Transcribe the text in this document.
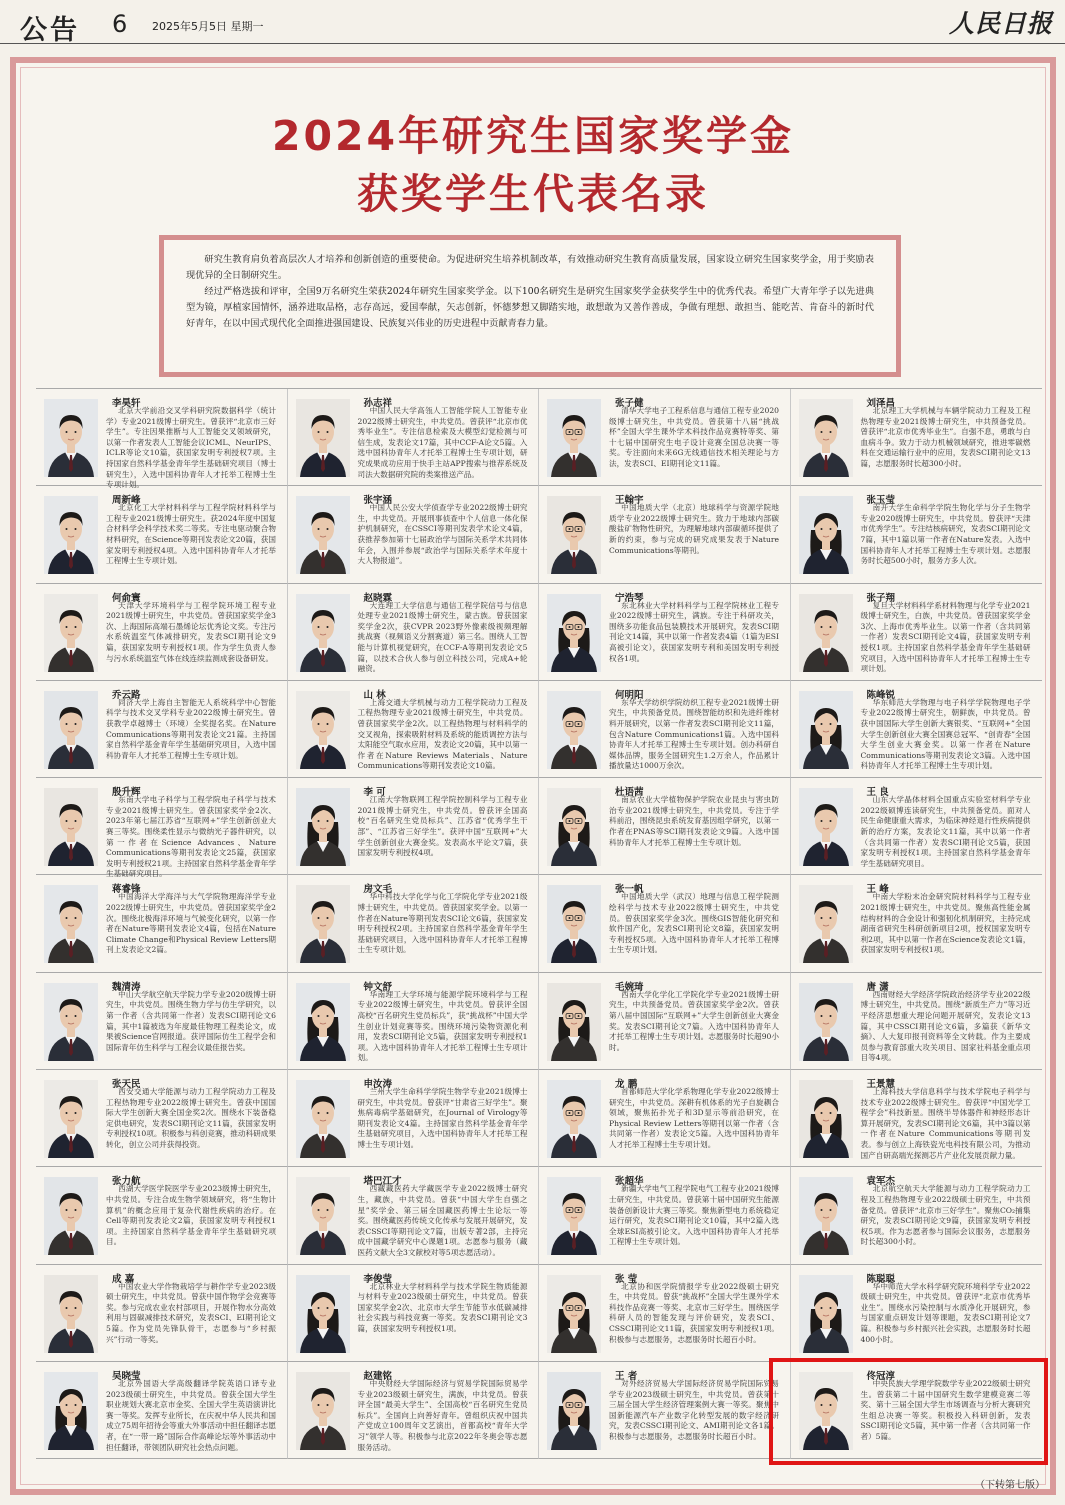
公告 6 2025年5月5日 星期一	人民日报
2024年研究生国家奖学金
获奖学生代表名录

研究生教育肩负着高层次人才培养和创新创造的重要使命。为促进研究生培养机制改革，有效推动研究生教育高质量发展，国家设立研究生国家奖学金，用于奖励表现优异的全日制研究生。

经过严格选拔和评审，全国9万名研究生荣获2024年研究生国家奖学金。以下100名研究生是研究生国家奖学金获奖学生中的优秀代表。希望广大青年学子以先进典型为镜，厚植家国情怀，涵养进取品格，志存高远，爱国奉献，矢志创新，怀德梦想又脚踏实地，敢想敢为又善作善成，争做有理想、敢担当、能吃苦、肯奋斗的新时代好青年，在以中国式现代化全面推进强国建设、民族复兴伟业的历史进程中贡献青春力量。

李昊轩
北京大学前沿交叉学科研究院数据科学（统计学）专业2021级博士研究生。曾获评“北京市三好学生”。专注因果推断与人工智能交叉领域研究，以第一作者发表人工智能会议ICML、NeurIPS、ICLR等论文10篇，获国家发明专利授权7项。主持国家自然科学基金青年学生基础研究项目（博士研究生），入选中国科协青年人才托举工程博士生专项计划。
孙志祥
中国人民大学高瓴人工智能学院人工智能专业2022级博士研究生，中共党员。曾获评“北京市优秀毕业生”。专注信息检索及大模型幻觉检测与可信生成，发表论文17篇，其中CCF-A论文5篇。入选中国科协青年人才托举工程博士生专项计划，研究成果成功应用于快手主站APP搜索与推荐系统及司法大数据研究院的类案推送产品。
张子健
清华大学电子工程系信息与通信工程专业2020级博士研究生，中共党员。曾获第十八届“挑战杯”全国大学生课外学术科技作品竞赛特等奖、第十七届中国研究生电子设计竞赛全国总决赛一等奖。专注面向未来6G无线通信技术相关理论与方法，发表SCI、EI期刊论文11篇。
刘泽昌
北京理工大学机械与车辆学院动力工程及工程热物理专业2021级博士研究生，中共预备党员。曾获评“北京市优秀毕业生”。自强不息，勇敢与白血病斗争。致力于动力机械领域研究，推进零碳燃料在交通运输行业中的应用，发表SCI期刊论文13篇，志愿服务时长超300小时。
周新峰
北京化工大学材料科学与工程学院材料科学与工程专业2021级博士研究生。获2024年度中国复合材料学会科学技术奖二等奖。专注电驱动聚合物材料研究，在Science等期刊发表论文20篇，获国家发明专利授权4项。入选中国科协青年人才托举工程博士生专项计划。
张宇涵
中国人民公安大学侦查学专业2022级博士研究生，中共党员。开展刑事侦查中个人信息一体化保护机制研究，在CSSCI等期刊发表学术论文4篇，获推荐参加第十七届政治学与国际关系学术共同体年会，入围并参展“政治学与国际关系学术年度十大人物报道”。
王翰宇
中国地质大学（北京）地球科学与资源学院地质学专业2022级博士研究生。致力于地球内部碳酸盐矿物物性研究，为理解地球内部碳循环提供了新的约束，参与完成的研究成果发表于Nature Communications等期刊。
张玉莹
南开大学生命科学学院生物化学与分子生物学专业2020级博士研究生，中共党员。曾获评“天津市优秀学生”。专注结核病研究，发表SCI期刊论文7篇，其中1篇以第一作者在Nature发表。入选中国科协青年人才托举工程博士生专项计划。志愿服务时长超500小时，服务方多人次。
何俞寰
天津大学环境科学与工程学院环境工程专业2021级博士研究生，中共党员。曾获国家奖学金3次、上海国际高端石墨烯论坛优秀论文奖。专注污水系统温室气体减排研究，发表SCI期刊论文9篇，获国家发明专利授权1项。作为学生负责人参与污水系统温室气体在线连续监测成套设备研发。
赵晓霖
大连理工大学信息与通信工程学院信号与信息处理专业2021级博士研究生，蒙古族。曾获国家奖学金2次，获CVPR 2023野外像素级视频理解挑战赛（视频语义分割赛道）第三名。围绕人工智能与计算机视觉研究，在CCF-A等期刊发表论文5篇，以技术合伙人参与创立科技公司，完成A+轮融资。
宁浩琴
东北林业大学材料科学与工程学院林业工程专业2022级博士研究生，满族。专注于科研攻关，围绕多功能食品包装膜技术开展研究，发表SCI期刊论文14篇，其中以第一作者发表4篇（1篇为ESI高被引论文），获国家发明专利和美国发明专利授权各1项。
张子翔
复旦大学材料科学系材料物理与化学专业2021级博士研究生，白族，中共党员。曾获国家奖学金3次、上海市优秀毕业生。以第一作者（含共同第一作者）发表SCI期刊论文4篇，获国家发明专利授权1项。主持国家自然科学基金青年学生基础研究项目，入选中国科协青年人才托举工程博士生专项计划。
乔云路
同济大学上海自主智能无人系统科学中心智能科学与技术交叉学科专业2022级博士研究生。曾获教学卓越博士（环境）全奖提名奖。在Nature Communications等期刊发表论文21篇。主持国家自然科学基金青年学生基础研究项目，入选中国科协青年人才托举工程博士生专项计划。
山 林
上海交通大学机械与动力工程学院动力工程及工程热物理专业2021级博士研究生，中共党员。曾获国家奖学金2次。以工程热物理与材料科学的交叉视角，探索吸附材料及系统的能质调控方法与太阳能空气取水应用，发表论文20篇，其中以第一作者在Nature Reviews Materials、Nature Communications等期刊发表论文10篇。
何明阳
东华大学纺织学院纺织工程专业2021级博士研究生，中共预备党员。围绕智能纺织和先进纤维材料开展研究，以第一作者发表SCI期刊论文11篇，包含Nature Communications1篇。入选中国科协青年人才托举工程博士生专项计划。创办科研自媒体品牌，服务全国研究生1.2万余人，作品累计播放量达1000万余次。
陈峰锐
华东师范大学物理与电子科学学院物理电子学专业2022级博士研究生，朝鲜族，中共党员。曾获中国国际大学生创新大赛银奖、“互联网+”全国大学生创新创业大赛全国赛总冠军、“创青春”全国大学生创业大赛金奖。以第一作者在Nature Communications等期刊发表论文3篇。入选中国科协青年人才托举工程博士生专项计划。
殷升辉
东南大学电子科学与工程学院电子科学与技术专业2021级博士研究生。曾获国家奖学金2次、2023年第七届江苏省“互联网+”学生创新创业大赛三等奖。围绕柔性显示与微纳光子器件研究，以第一作者在Science Advances、Nature Communications等期刊发表论文25篇，获国家发明专利授权21项。主持国家自然科学基金青年学生基础研究项目。
李 可
江南大学物联网工程学院控制科学与工程专业2021级博士研究生，中共党员。曾获评全国高校“百名研究生党员标兵”、江苏省“优秀学生干部”、“江苏省三好学生”。获评中国“互联网+”大学生创新创业大赛金奖。发表高水平论文7篇，获国家发明专利授权4项。
杜语茜
南京农业大学植物保护学院农业昆虫与害虫防治专业2021级博士研究生，中共党员。专注于学科前沿，围绕昆虫系统发育基因组学研究，以第一作者在PNAS等SCI期刊发表论文9篇。入选中国科协青年人才托举工程博士生专项计划。
王 良
山东大学晶体材料全国重点实验室材料学专业2022级硕博连读研究生，中共预备党员。面对人民生命健康重大需求，为临床神经退行性疾病提供新的治疗方案，发表论文11篇，其中以第一作者（含共同第一作者）发表SCI期刊论文5篇，获国家发明专利授权1项。主持国家自然科学基金青年学生基础研究项目。
蒋睿锋
中国海洋大学海洋与大气学院物理海洋学专业2022级博士研究生，中共党员。曾获国家奖学金2次。围绕北极海洋环境与气候变化研究，以第一作者在Nature等期刊发表论文4篇，包括在Nature Climate Change和Physical Review Letters期刊上发表论文2篇。
房文毛
华中科技大学化学与化工学院化学专业2021级博士研究生，中共党员。曾获国家奖学金。以第一作者在Nature等期刊发表SCI论文6篇，获国家发明专利授权2项。主持国家自然科学基金青年学生基础研究项目，入选中国科协青年人才托举工程博士生专项计划。
张一帆
中国地质大学（武汉）地理与信息工程学院测绘科学与技术专业2022级博士研究生，中共党员。曾获国家奖学金3次。围绕GIS智能化研究和软件国产化，发表SCI期刊论文8篇，获国家发明专利授权5项。入选中国科协青年人才托举工程博士生专项计划。
王 峰
中南大学粉末冶金研究院材料科学与工程专业2021级博士研究生，中共党员。聚焦高性能金属结构材料的合金设计和强韧化机制研究，主持完成湖南省研究生科研创新项目2项，授权国家发明专利2项，其中以第一作者在Science发表论文1篇，获国家发明专利授权1项。
魏清涛
中山大学航空航天学院力学专业2020级博士研究生，中共党员。围绕生物力学与仿生学研究，以第一作者（含共同第一作者）发表SCI期刊论文6篇，其中1篇被选为年度最佳物理工程类论文，成果被Science官网报道。获评国际仿生工程学会和国际青年仿生科学与工程会议最佳报告奖。
钟文舒
华南理工大学环境与能源学院环境科学与工程专业2022级博士研究生，中共党员。曾获评全国高校“百名研究生党员标兵”，获“挑战杯”中国大学生创业计划竞赛等奖。围绕环境污染物资源化利用，发表SCI期刊论文5篇，获国家发明专利授权1项。入选中国科协青年人才托举工程博士生专项计划。
毛婉琦
西南大学化学化工学院化学专业2021级博士研究生，中共预备党员。曾获国家奖学金2次。曾获第八届中国国际“互联网+”大学生创新创业大赛金奖。发表SCI期刊论文7篇。入选中国科协青年人才托举工程博士生专项计划。志愿服务时长超90小时。
唐 潇
西南财经大学经济学院政治经济学专业2022级博士研究生，中共党员。围绕“新质生产力”等习近平经济思想重大理论问题开展研究，发表论文13篇，其中CSSCI期刊论文6篇，多篇获《新华文摘》、人大复印报刊资料等全文转载。作为主要成员参与教育部重大攻关项目、国家社科基金重点项目等4项。
张天民
西安交通大学能源与动力工程学院动力工程及工程热物理专业2022级博士研究生。曾获中国国际大学生创新大赛全国金奖2次。围绕水下装备稳定供电研究，发表SCI期刊论文11篇，获国家发明专利授权10项。积极参与科创竞赛，推动科研成果转化，创立公司并获得投资。
申汝涛
兰州大学生命科学学院生物学专业2021级博士研究生，中共党员。曾获评“甘肃省三好学生”。聚焦病毒病学基础研究，在Journal of Virology等期刊发表论文4篇。主持国家自然科学基金青年学生基础研究项目，入选中国科协青年人才托举工程博士生专项计划。
龙 鹏
首都师范大学化学系物理化学专业2022级博士研究生，中共党员。深耕有机体系的光子自旋耦合领域，聚焦拓扑光子和3D显示等前沿研究，在Physical Review Letters等期刊以第一作者（含共同第一作者）发表论文5篇。入选中国科协青年人才托举工程博士生专项计划。
王景慧
上海科技大学信息科学与技术学院电子科学与技术专业2022级博士研究生。曾获评“中国光学工程学会”科技新星。围绕半导体器件和神经形态计算开展研究，发表SCI期刊论文6篇，其中3篇以第一作者在Nature Communications等期刊发表。参与创立上海铁瓷光电科技有限公司，为推动国产自研高端光探测芯片产业化发展贡献力量。
张力航
西湖大学医学院医学专业2023级博士研究生，中共党员。专注合成生物学领域研究，将“生物计算机”的概念应用于复杂代谢性疾病的治疗。在Cell等期刊发表论文2篇，获国家发明专利授权1项。主持国家自然科学基金青年学生基础研究项目。
塔巴江才
西藏藏医药大学藏医学专业2022级博士研究生，藏族，中共党员。曾获“中国大学生自强之星”奖学金、第三届全国藏医药博士生论坛一等奖。围绕藏医药传统文化传承与发展开展研究，发表CSSCI等期刊论文7篇，出版专著2部，主持完成中国藏学研究中心课题1项。志愿参与服务（藏医药文献大全3文献校对等5项志愿活动）。
张超华
新疆大学电气工程学院电气工程专业2021级博士研究生，中共党员。曾获第十届中国研究生能源装备创新设计大赛三等奖。聚焦新型电力系统稳定运行研究，发表SCI期刊论文10篇，其中2篇入选全球ESI高被引论文。入选中国科协青年人才托举工程博士生专项计划。
袁军杰
北京航空航天大学能源与动力工程学院动力工程及工程热物理专业2022级硕士研究生，中共预备党员。曾获评“北京市三好学生”。聚焦CO₂捕集研究，发表SCI期刊论文9篇，获国家发明专利授权5项。作为志愿者参与国际会议服务，志愿服务时长超300小时。
成 嘉
中国农业大学作物栽培学与耕作学专业2023级硕士研究生，中共党员。曾获中国作物学会竞赛等奖。参与完成农业农村部项目，开展作物水分高效利用与固碳减排技术研究，发表SCI、EI期刊论文5篇。作为党员先锋队骨干，志愿参与“乡村振兴”行动一等奖。
李俊莹
北京林业大学材料科学与技术学院生物质能源与材料专业2023级硕士研究生，中共党员。曾获国家奖学金2次、北京市大学生节能节水低碳减排社会实践与科技竞赛一等奖。发表SCI期刊论文3篇，获国家发明专利授权1项。
张 莹
北京协和医学院情报学专业2022级硕士研究生，中共党员。曾获“挑战杯”全国大学生课外学术科技作品竞赛一等奖、北京市三好学生。围绕医学科研人员的智能发现与评价研究，发表SCI、CSSCI期刊论文11篇，获国家发明专利授权1项。积极参与志愿服务，志愿服务时长超百小时。
陈聪聪
华中师范大学水科学研究院环境科学专业2022级硕士研究生，中共党员。曾获评“北京市优秀毕业生”。围绕水污染控制与水质净化开展研究，参与国家重点研发计划等课题，发表SCI期刊论文7篇。积极参与乡村振兴社会实践，志愿服务时长超400小时。
吴晓莹
北京外国语大学高级翻译学院英语口译专业2023级硕士研究生，中共党员。曾获全国大学生职业规划大赛北京市金奖、全国大学生英语演讲比赛一等奖。发挥专业所长，在庆祝中华人民共和国成立75周年招待会等重大外事活动中担任翻译志愿者，在“一带一路”国际合作高峰论坛等外事活动中担任翻译，带领团队研究社会热点问题。
赵建铭
中央财经大学国际经济与贸易学院国际贸易学专业2023级硕士研究生，满族，中共党员。曾获评全国“最美大学生”、全国高校“百名研究生党员标兵”。全国向上向善好青年。曾组织庆祝中国共产党成立100周年文艺演出，首都高校“青年大学习”领学人等。积极参与北京2022年冬奥会等志愿服务活动。
王 者
对外经济贸易大学国际经济贸易学院国际贸易学专业2023级硕士研究生，中共党员。曾获第十三届全国大学生经济管理案例大赛一等奖。聚焦中国新能源汽车产业数字化转型发展的数字经济研究，发表CSSCI期刊论文、AMI期刊论文各1篇。积极参与志愿服务，志愿服务时长超百小时。
佟冠淳
中央民族大学理学院数学专业2022级硕士研究生。曾获第二十届中国研究生数学建模竞赛二等奖、第十三届全国大学生市场调查与分析大赛研究生组总决赛一等奖。积极投入科研创新，发表SSCI期刊论文5篇，其中第一作者（含共同第一作者）5篇。
（下转第七版）
